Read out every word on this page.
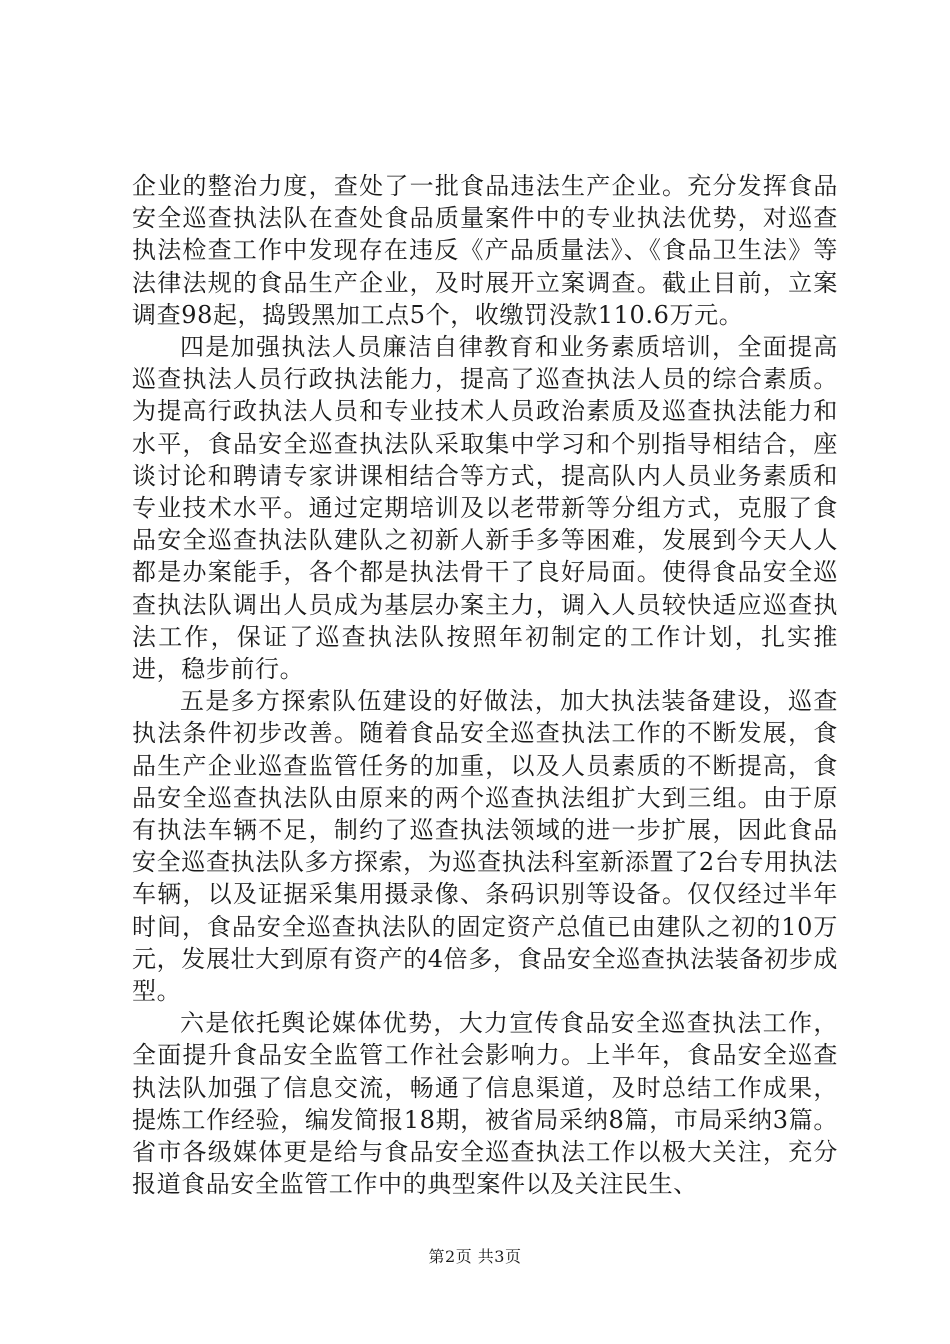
企业的整治力度，查处了一批食品违法生产企业。充分发挥食品安全巡查执法队在查处食品质量案件中的专业执法优势，对巡查执法检查工作中发现存在违反《产品质量法》、《食品卫生法》等法律法规的食品生产企业，及时展开立案调查。截止目前，立案调查98起，捣毁黑加工点5个，收缴罚没款110.6万元。

四是加强执法人员廉洁自律教育和业务素质培训，全面提高巡查执法人员行政执法能力，提高了巡查执法人员的综合素质。为提高行政执法人员和专业技术人员政治素质及巡查执法能力和水平，食品安全巡查执法队采取集中学习和个别指导相结合，座谈讨论和聘请专家讲课相结合等方式，提高队内人员业务素质和专业技术水平。通过定期培训及以老带新等分组方式，克服了食品安全巡查执法队建队之初新人新手多等困难，发展到今天人人都是办案能手，各个都是执法骨干了良好局面。使得食品安全巡查执法队调出人员成为基层办案主力，调入人员较快适应巡查执法工作，保证了巡查执法队按照年初制定的工作计划，扎实推进，稳步前行。

五是多方探索队伍建设的好做法，加大执法装备建设，巡查执法条件初步改善。随着食品安全巡查执法工作的不断发展，食品生产企业巡查监管任务的加重，以及人员素质的不断提高，食品安全巡查执法队由原来的两个巡查执法组扩大到三组。由于原有执法车辆不足，制约了巡查执法领域的进一步扩展，因此食品安全巡查执法队多方探索，为巡查执法科室新添置了2台专用执法车辆，以及证据采集用摄录像、条码识别等设备。仅仅经过半年时间，食品安全巡查执法队的固定资产总值已由建队之初的10万元，发展壮大到原有资产的4倍多，食品安全巡查执法装备初步成型。

六是依托舆论媒体优势，大力宣传食品安全巡查执法工作，全面提升食品安全监管工作社会影响力。上半年，食品安全巡查执法队加强了信息交流，畅通了信息渠道，及时总结工作成果，提炼工作经验，编发简报18期，被省局采纳8篇，市局采纳3篇。省市各级媒体更是给与食品安全巡查执法工作以极大关注，充分报道食品安全监管工作中的典型案件以及关注民生、

第2页 共3页
